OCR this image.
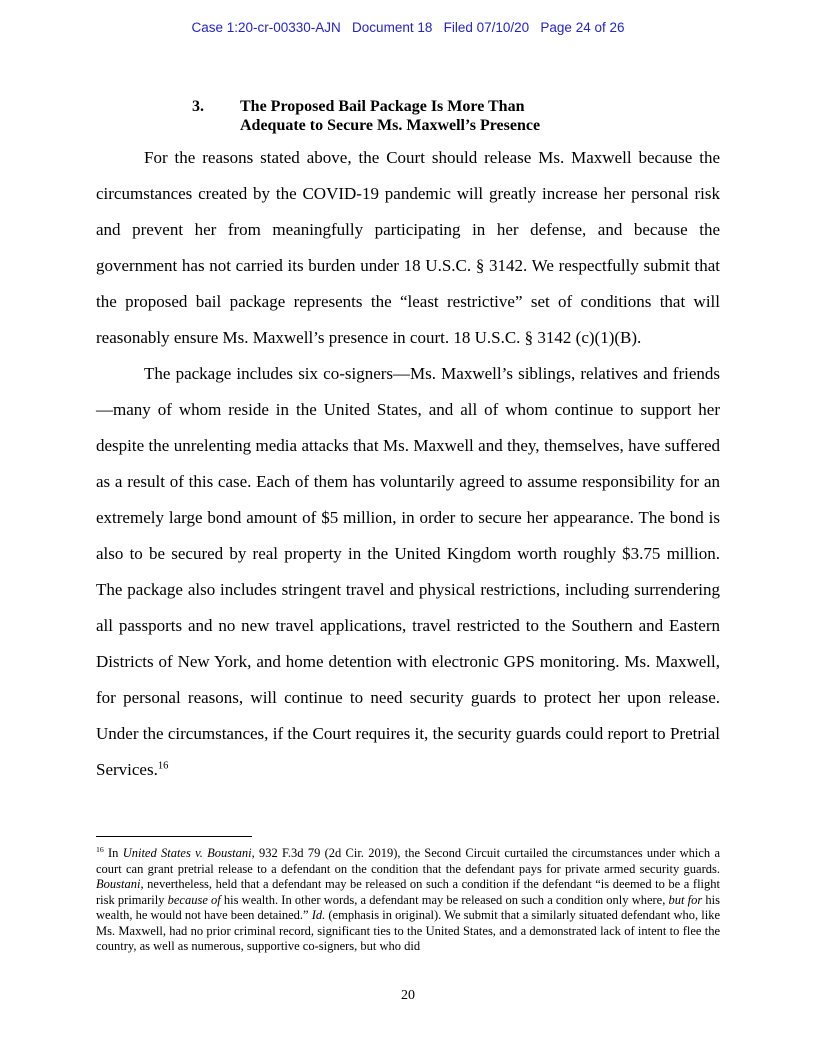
Case 1:20-cr-00330-AJN   Document 18   Filed 07/10/20   Page 24 of 26
3.	The Proposed Bail Package Is More Than
Adequate to Secure Ms. Maxwell’s Presence

For the reasons stated above, the Court should release Ms. Maxwell because the circumstances created by the COVID-19 pandemic will greatly increase her personal risk and prevent her from meaningfully participating in her defense, and because the government has not carried its burden under 18 U.S.C. § 3142. We respectfully submit that the proposed bail package represents the “least restrictive” set of conditions that will reasonably ensure Ms. Maxwell’s presence in court. 18 U.S.C. § 3142 (c)(1)(B).

The package includes six co-signers—Ms. Maxwell’s siblings, relatives and friends—many of whom reside in the United States, and all of whom continue to support her despite the unrelenting media attacks that Ms. Maxwell and they, themselves, have suffered as a result of this case. Each of them has voluntarily agreed to assume responsibility for an extremely large bond amount of $5 million, in order to secure her appearance. The bond is also to be secured by real property in the United Kingdom worth roughly $3.75 million. The package also includes stringent travel and physical restrictions, including surrendering all passports and no new travel applications, travel restricted to the Southern and Eastern Districts of New York, and home detention with electronic GPS monitoring. Ms. Maxwell, for personal reasons, will continue to need security guards to protect her upon release. Under the circumstances, if the Court requires it, the security guards could report to Pretrial Services.$^{16}$

$^{16}$ In United States v. Boustani, 932 F.3d 79 (2d Cir. 2019), the Second Circuit curtailed the circumstances under which a court can grant pretrial release to a defendant on the condition that the defendant pays for private armed security guards. Boustani, nevertheless, held that a defendant may be released on such a condition if the defendant “is deemed to be a flight risk primarily because of his wealth. In other words, a defendant may be released on such a condition only where, but for his wealth, he would not have been detained.” Id. (emphasis in original). We submit that a similarly situated defendant who, like Ms. Maxwell, had no prior criminal record, significant ties to the United States, and a demonstrated lack of intent to flee the country, as well as numerous, supportive co-signers, but who did

20
